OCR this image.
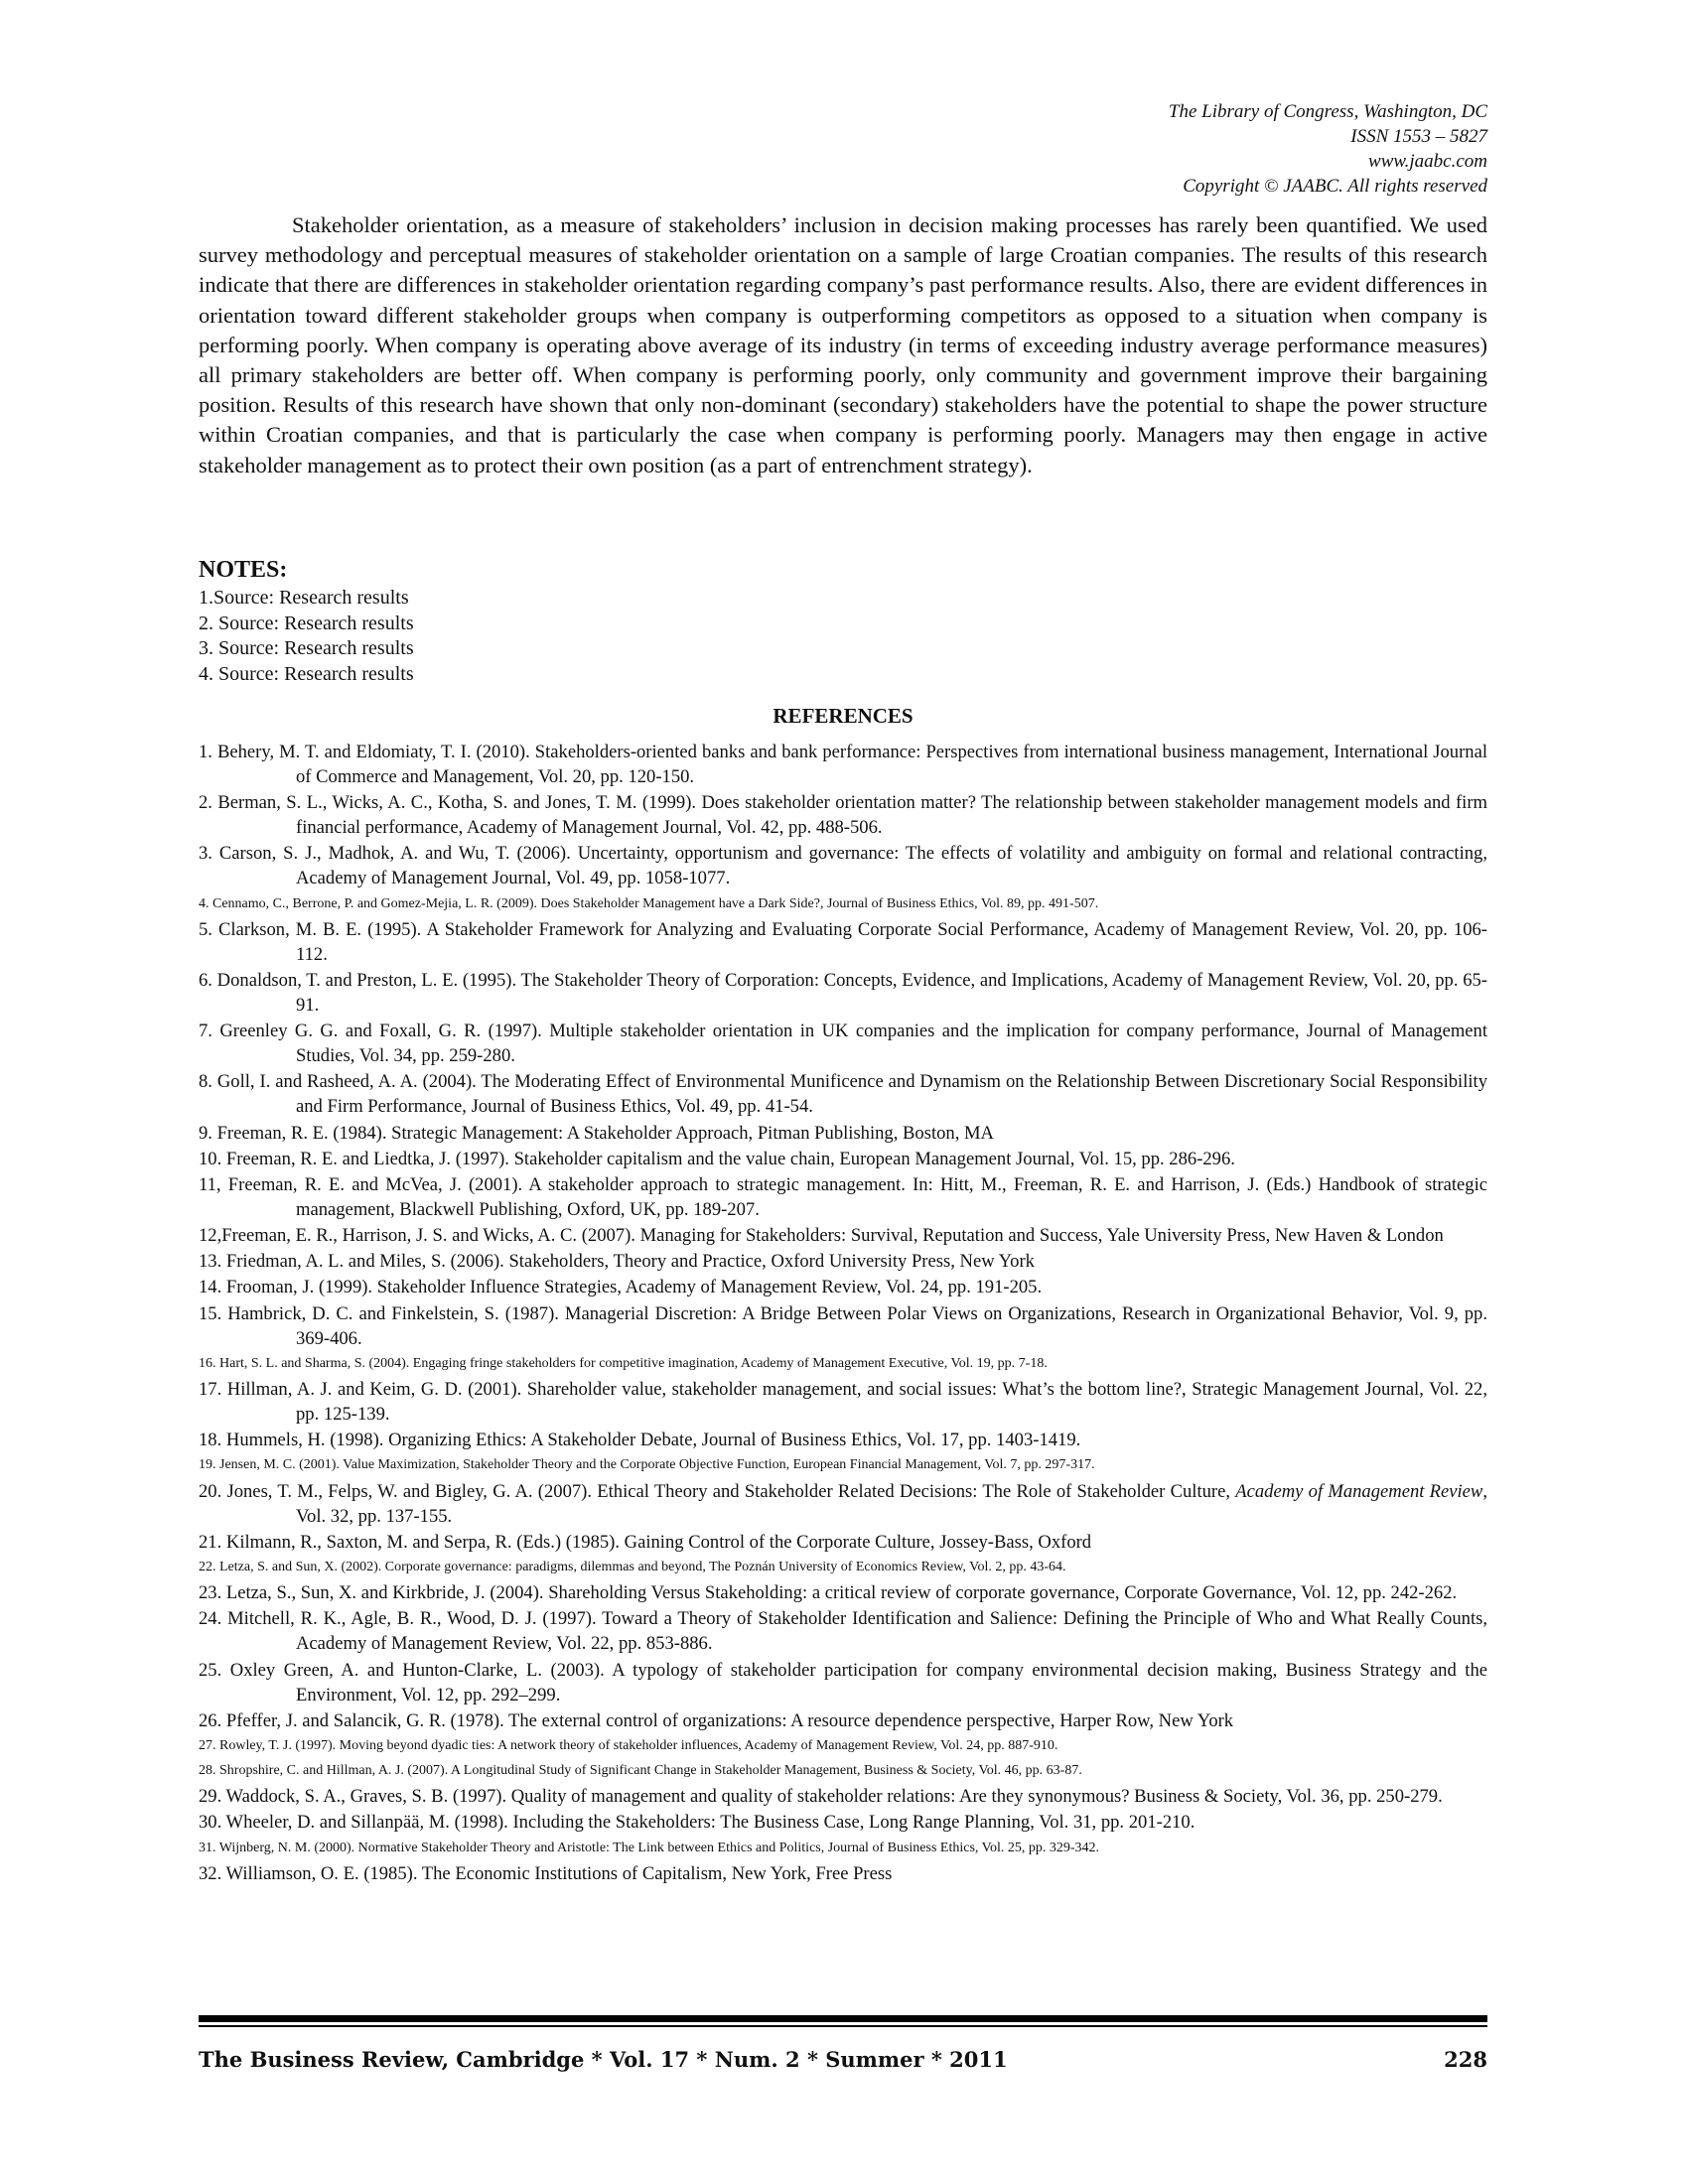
The Library of Congress, Washington, DC
ISSN 1553 – 5827
www.jaabc.com
Copyright © JAABC. All rights reserved

Stakeholder orientation, as a measure of stakeholders’ inclusion in decision making processes has rarely been quantified. We used survey methodology and perceptual measures of stakeholder orientation on a sample of large Croatian companies. The results of this research indicate that there are differences in stakeholder orientation regarding company’s past performance results. Also, there are evident differences in orientation toward different stakeholder groups when company is outperforming competitors as opposed to a situation when company is performing poorly. When company is operating above average of its industry (in terms of exceeding industry average performance measures) all primary stakeholders are better off. When company is performing poorly, only community and government improve their bargaining position. Results of this research have shown that only non-dominant (secondary) stakeholders have the potential to shape the power structure within Croatian companies, and that is particularly the case when company is performing poorly. Managers may then engage in active stakeholder management as to protect their own position (as a part of entrenchment strategy).

NOTES:
1.Source: Research results
2. Source: Research results
3. Source: Research results
4. Source: Research results
REFERENCES
1. Behery, M. T. and Eldomiaty, T. I. (2010). Stakeholders-oriented banks and bank performance: Perspectives from international business management, International Journal of Commerce and Management, Vol. 20, pp. 120-150.
2. Berman, S. L., Wicks, A. C., Kotha, S. and Jones, T. M. (1999). Does stakeholder orientation matter? The relationship between stakeholder management models and firm financial performance, Academy of Management Journal, Vol. 42, pp. 488-506.
3. Carson, S. J., Madhok, A. and Wu, T. (2006). Uncertainty, opportunism and governance: The effects of volatility and ambiguity on formal and relational contracting, Academy of Management Journal, Vol. 49, pp. 1058-1077.
4. Cennamo, C., Berrone, P. and Gomez-Mejia, L. R. (2009). Does Stakeholder Management have a Dark Side?, Journal of Business Ethics, Vol. 89, pp. 491-507.
5. Clarkson, M. B. E. (1995). A Stakeholder Framework for Analyzing and Evaluating Corporate Social Performance, Academy of Management Review, Vol. 20, pp. 106-112.
6. Donaldson, T. and Preston, L. E. (1995). The Stakeholder Theory of Corporation: Concepts, Evidence, and Implications, Academy of Management Review, Vol. 20, pp. 65-91.
7. Greenley G. G. and Foxall, G. R. (1997). Multiple stakeholder orientation in UK companies and the implication for company performance, Journal of Management Studies, Vol. 34, pp. 259-280.
8. Goll, I. and Rasheed, A. A. (2004). The Moderating Effect of Environmental Munificence and Dynamism on the Relationship Between Discretionary Social Responsibility and Firm Performance, Journal of Business Ethics, Vol. 49, pp. 41-54.
9. Freeman, R. E. (1984). Strategic Management: A Stakeholder Approach, Pitman Publishing, Boston, MA
10. Freeman, R. E. and Liedtka, J. (1997). Stakeholder capitalism and the value chain, European Management Journal, Vol. 15, pp. 286-296.
11, Freeman, R. E. and McVea, J. (2001). A stakeholder approach to strategic management. In: Hitt, M., Freeman, R. E. and Harrison, J. (Eds.) Handbook of strategic management, Blackwell Publishing, Oxford, UK, pp. 189-207.
12,Freeman, E. R., Harrison, J. S. and Wicks, A. C. (2007). Managing for Stakeholders: Survival, Reputation and Success, Yale University Press, New Haven & London
13. Friedman, A. L. and Miles, S. (2006). Stakeholders, Theory and Practice, Oxford University Press, New York
14. Frooman, J. (1999). Stakeholder Influence Strategies, Academy of Management Review, Vol. 24, pp. 191-205.
15. Hambrick, D. C. and Finkelstein, S. (1987). Managerial Discretion: A Bridge Between Polar Views on Organizations, Research in Organizational Behavior, Vol. 9, pp. 369-406.
16. Hart, S. L. and Sharma, S. (2004). Engaging fringe stakeholders for competitive imagination, Academy of Management Executive, Vol. 19, pp. 7-18.
17. Hillman, A. J. and Keim, G. D. (2001). Shareholder value, stakeholder management, and social issues: What’s the bottom line?, Strategic Management Journal, Vol. 22, pp. 125-139.
18. Hummels, H. (1998). Organizing Ethics: A Stakeholder Debate, Journal of Business Ethics, Vol. 17, pp. 1403-1419.
19. Jensen, M. C. (2001). Value Maximization, Stakeholder Theory and the Corporate Objective Function, European Financial Management, Vol. 7, pp. 297-317.
20. Jones, T. M., Felps, W. and Bigley, G. A. (2007). Ethical Theory and Stakeholder Related Decisions: The Role of Stakeholder Culture, Academy of Management Review, Vol. 32, pp. 137-155.
21. Kilmann, R., Saxton, M. and Serpa, R. (Eds.) (1985). Gaining Control of the Corporate Culture, Jossey-Bass, Oxford
22. Letza, S. and Sun, X. (2002). Corporate governance: paradigms, dilemmas and beyond, The Poznán University of Economics Review, Vol. 2, pp. 43-64.
23. Letza, S., Sun, X. and Kirkbride, J. (2004). Shareholding Versus Stakeholding: a critical review of corporate governance, Corporate Governance, Vol. 12, pp. 242-262.
24. Mitchell, R. K., Agle, B. R., Wood, D. J. (1997). Toward a Theory of Stakeholder Identification and Salience: Defining the Principle of Who and What Really Counts, Academy of Management Review, Vol. 22, pp. 853-886.
25. Oxley Green, A. and Hunton-Clarke, L. (2003). A typology of stakeholder participation for company environmental decision making, Business Strategy and the Environment, Vol. 12, pp. 292–299.
26. Pfeffer, J. and Salancik, G. R. (1978). The external control of organizations: A resource dependence perspective, Harper Row, New York
27. Rowley, T. J. (1997). Moving beyond dyadic ties: A network theory of stakeholder influences, Academy of Management Review, Vol. 24, pp. 887-910.
28. Shropshire, C. and Hillman, A. J. (2007). A Longitudinal Study of Significant Change in Stakeholder Management, Business & Society, Vol. 46, pp. 63-87.
29. Waddock, S. A., Graves, S. B. (1997). Quality of management and quality of stakeholder relations: Are they synonymous? Business & Society, Vol. 36, pp. 250-279.
30. Wheeler, D. and Sillanpää, M. (1998). Including the Stakeholders: The Business Case, Long Range Planning, Vol. 31, pp. 201-210.
31. Wijnberg, N. M. (2000). Normative Stakeholder Theory and Aristotle: The Link between Ethics and Politics, Journal of Business Ethics, Vol. 25, pp. 329-342.
32. Williamson, O. E. (1985). The Economic Institutions of Capitalism, New York, Free Press
The Business Review, Cambridge * Vol. 17 * Num. 2 * Summer * 2011	228
